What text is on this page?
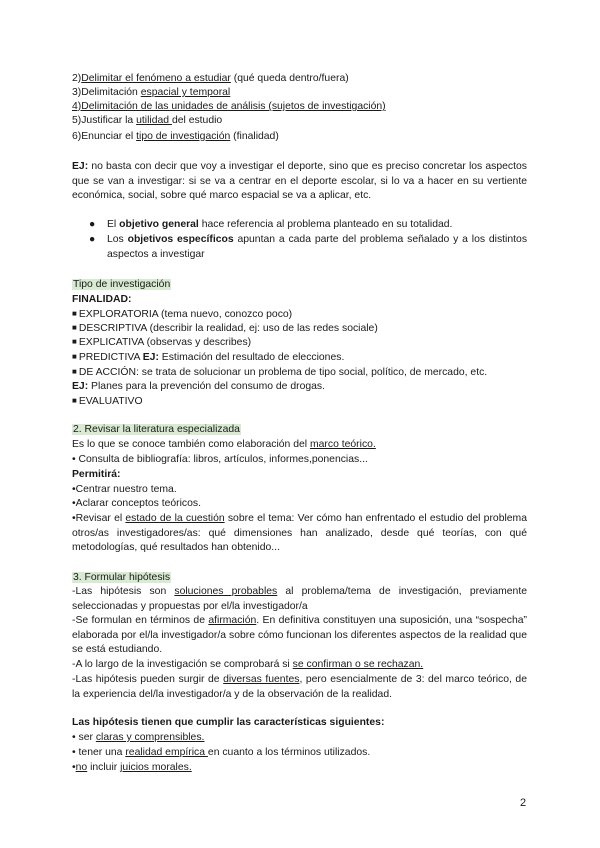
2)Delimitar el fenómeno a estudiar (qué queda dentro/fuera)
3)Delimitación espacial y temporal
4)Delimitación de las unidades de análisis (sujetos de investigación)
5)Justificar la utilidad del estudio
6)Enunciar el tipo de investigación (finalidad)
EJ: no basta con decir que voy a investigar el deporte, sino que es preciso concretar los aspectos que se van a investigar: si se va a centrar en el deporte escolar, si lo va a hacer en su vertiente económica, social, sobre qué marco espacial se va a aplicar, etc.
● El objetivo general hace referencia al problema planteado en su totalidad.
● Los objetivos específicos apuntan a cada parte del problema señalado y a los distintos aspectos a investigar
Tipo de investigación
FINALIDAD:
■ EXPLORATORIA (tema nuevo, conozco poco)
■ DESCRIPTIVA (describir la realidad, ej: uso de las redes sociale)
■ EXPLICATIVA (observas y describes)
■ PREDICTIVA EJ: Estimación del resultado de elecciones.
■ DE ACCIÓN: se trata de solucionar un problema de tipo social, político, de mercado, etc.
EJ: Planes para la prevención del consumo de drogas.
■ EVALUATIVO
2. Revisar la literatura especializada
Es lo que se conoce también como elaboración del marco teórico.
• Consulta de bibliografía: libros, artículos, informes,ponencias...
Permitirá:
•Centrar nuestro tema.
•Aclarar conceptos teóricos.
•Revisar el estado de la cuestión sobre el tema: Ver cómo han enfrentado el estudio del problema otros/as investigadores/as: qué dimensiones han analizado, desde qué teorías, con qué metodologías, qué resultados han obtenido...
3. Formular hipótesis
-Las hipótesis son soluciones probables al problema/tema de investigación, previamente seleccionadas y propuestas por el/la investigador/a
-Se formulan en términos de afirmación. En definitiva constituyen una suposición, una “sospecha” elaborada por el/la investigador/a sobre cómo funcionan los diferentes aspectos de la realidad que se está estudiando.
-A lo largo de la investigación se comprobará si se confirman o se rechazan.
-Las hipótesis pueden surgir de diversas fuentes, pero esencialmente de 3: del marco teórico, de la experiencia del/la investigador/a y de la observación de la realidad.
Las hipótesis tienen que cumplir las características siguientes:
• ser claras y comprensibles.
• tener una realidad empírica en cuanto a los términos utilizados.
•no incluir juicios morales.
2
